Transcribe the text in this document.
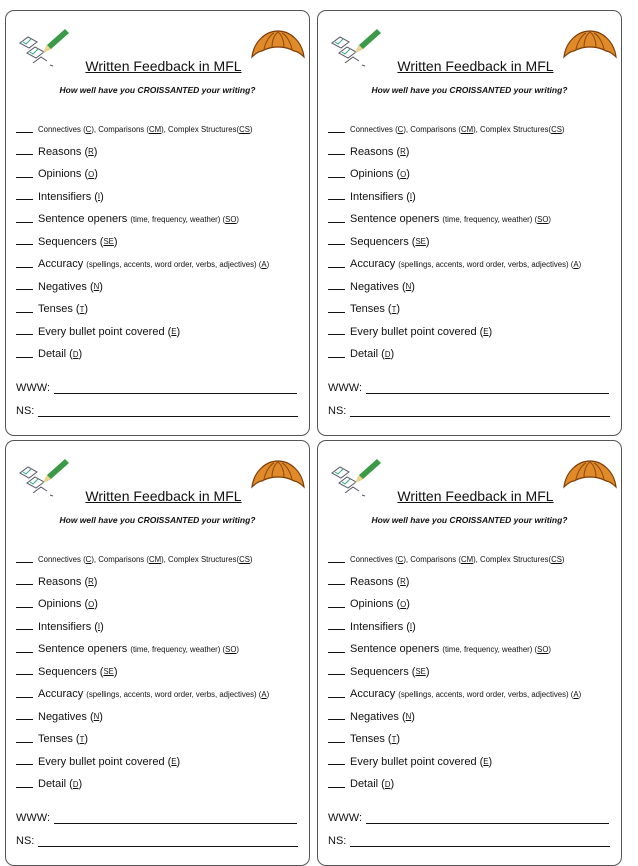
Written Feedback in MFL
How well have you CROISSANTED your writing?
Connectives ( C ), Comparisons ( CM ), Complex Structures( CS )
Reasons ( R )
Opinions ( O )
Intensifiers ( I )
Sentence openers (time, frequency, weather) ( SO )
Sequencers ( SE )
Accuracy (spellings, accents, word order, verbs, adjectives) ( A )
Negatives ( N )
Tenses ( T )
Every bullet point covered ( E )
Detail ( D )
WWW:
NS:
Written Feedback in MFL
How well have you CROISSANTED your writing?
Connectives ( C ), Comparisons ( CM ), Complex Structures( CS )
Reasons ( R )
Opinions ( O )
Intensifiers ( I )
Sentence openers (time, frequency, weather) ( SO )
Sequencers ( SE )
Accuracy (spellings, accents, word order, verbs, adjectives) ( A )
Negatives ( N )
Tenses ( T )
Every bullet point covered ( E )
Detail ( D )
WWW:
NS:
Written Feedback in MFL
How well have you CROISSANTED your writing?
Connectives ( C ), Comparisons ( CM ), Complex Structures( CS )
Reasons ( R )
Opinions ( O )
Intensifiers ( I )
Sentence openers (time, frequency, weather) ( SO )
Sequencers ( SE )
Accuracy (spellings, accents, word order, verbs, adjectives) ( A )
Negatives ( N )
Tenses ( T )
Every bullet point covered ( E )
Detail ( D )
WWW:
NS:
Written Feedback in MFL
How well have you CROISSANTED your writing?
Connectives ( C ), Comparisons ( CM ), Complex Structures( CS )
Reasons ( R )
Opinions ( O )
Intensifiers ( I )
Sentence openers (time, frequency, weather) ( SO )
Sequencers ( SE )
Accuracy (spellings, accents, word order, verbs, adjectives) ( A )
Negatives ( N )
Tenses ( T )
Every bullet point covered ( E )
Detail ( D )
WWW:
NS:
